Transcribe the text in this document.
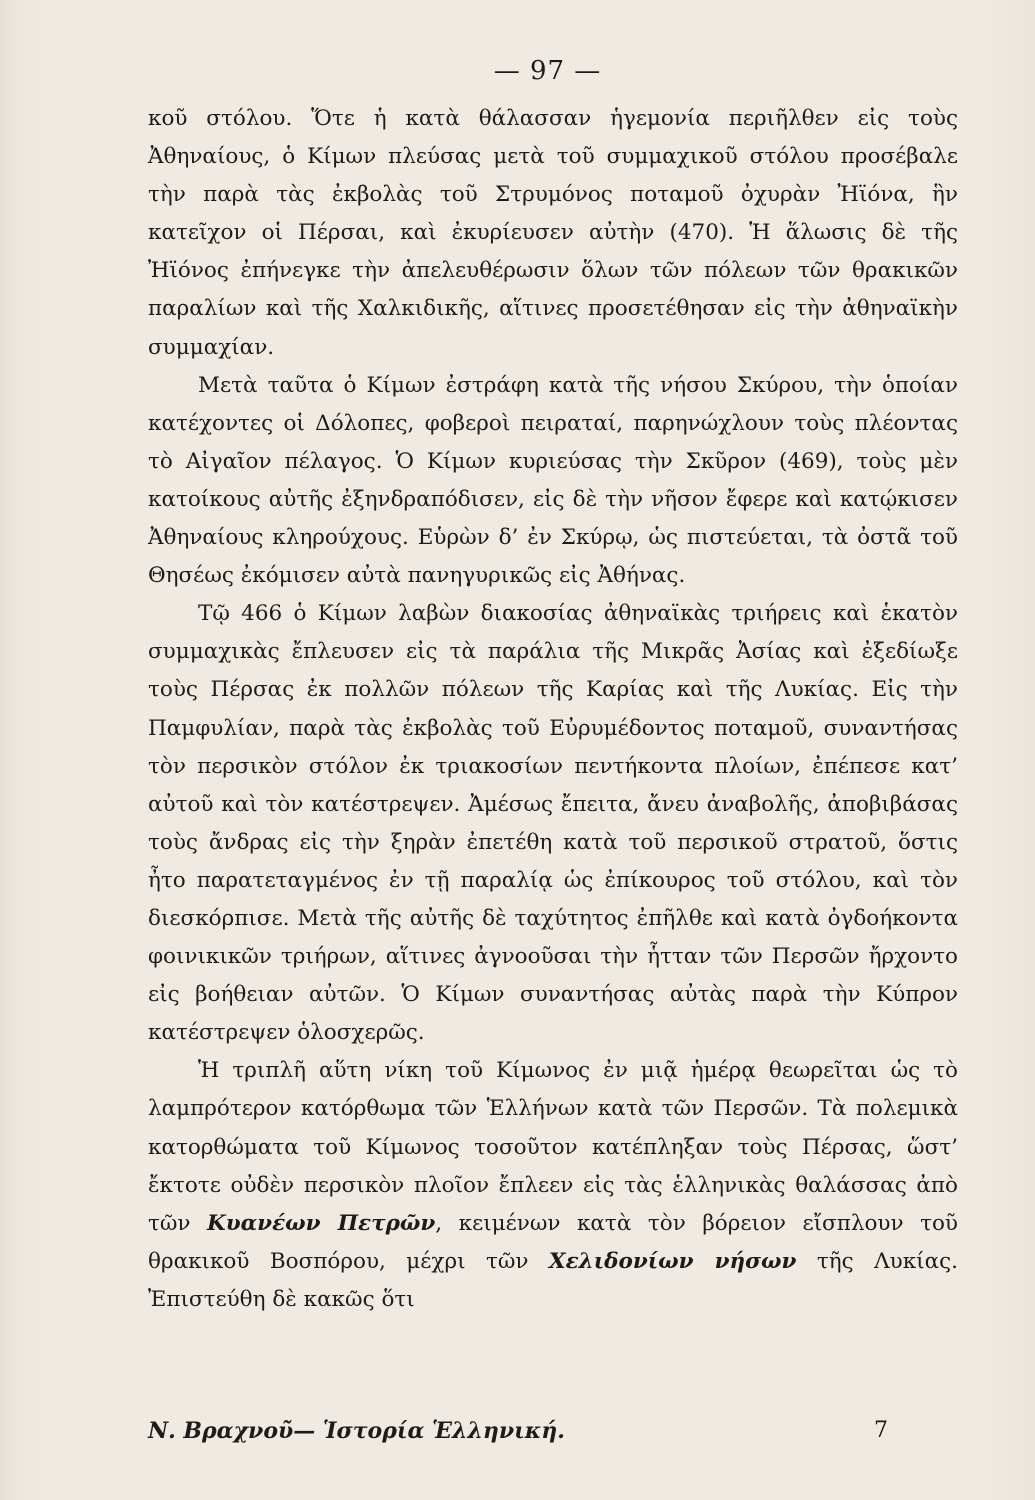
— 97 —

κοῦ στόλου. Ὅτε ἡ κατὰ θάλασσαν ἡγεμονία περιῆλθεν εἰς τοὺς Ἀθηναίους, ὁ Κίμων πλεύσας μετὰ τοῦ συμμαχικοῦ στόλου προσέβαλε τὴν παρὰ τὰς ἐκβολὰς τοῦ Στρυμόνος ποταμοῦ ὀχυρὰν Ἠϊόνα, ἣν κατεῖχον οἱ Πέρσαι, καὶ ἐκυρίευσεν αὐτὴν (470). Ἡ ἅλωσις δὲ τῆς Ἠϊόνος ἐπήνεγκε τὴν ἀπελευθέρωσιν ὅλων τῶν πόλεων τῶν θρακικῶν παραλίων καὶ τῆς Χαλκιδικῆς, αἵτινες προσετέθησαν εἰς τὴν ἀθηναϊκὴν συμμαχίαν.

Μετὰ ταῦτα ὁ Κίμων ἐστράφη κατὰ τῆς νήσου Σκύρου, τὴν ὁποίαν κατέχοντες οἱ Δόλοπες, φοβεροὶ πειραταί, παρηνώχλουν τοὺς πλέοντας τὸ Αἰγαῖον πέλαγος. Ὁ Κίμων κυριεύσας τὴν Σκῦρον (469), τοὺς μὲν κατοίκους αὐτῆς ἐξηνδραπόδισεν, εἰς δὲ τὴν νῆσον ἔφερε καὶ κατῴκισεν Ἀθηναίους κληρούχους. Εὑρὼν δ’ ἐν Σκύρῳ, ὡς πιστεύεται, τὰ ὀστᾶ τοῦ Θησέως ἐκόμισεν αὐτὰ πανηγυρικῶς εἰς Ἀθήνας.

Τῷ 466 ὁ Κίμων λαβὼν διακοσίας ἀθηναϊκὰς τριήρεις καὶ ἑκατὸν συμμαχικὰς ἔπλευσεν εἰς τὰ παράλια τῆς Μικρᾶς Ἀσίας καὶ ἐξεδίωξε τοὺς Πέρσας ἐκ πολλῶν πόλεων τῆς Καρίας καὶ τῆς Λυκίας. Εἰς τὴν Παμφυλίαν, παρὰ τὰς ἐκβολὰς τοῦ Εὐρυμέδοντος ποταμοῦ, συναντήσας τὸν περσικὸν στόλον ἐκ τριακοσίων πεντήκοντα πλοίων, ἐπέπεσε κατ’ αὐτοῦ καὶ τὸν κατέστρεψεν. Ἀμέσως ἔπειτα, ἄνευ ἀναβολῆς, ἀποβιβάσας τοὺς ἄνδρας εἰς τὴν ξηρὰν ἐπετέθη κατὰ τοῦ περσικοῦ στρατοῦ, ὅστις ἦτο παρατεταγμένος ἐν τῇ παραλίᾳ ὡς ἐπίκουρος τοῦ στόλου, καὶ τὸν διεσκόρπισε. Μετὰ τῆς αὐτῆς δὲ ταχύτητος ἐπῆλθε καὶ κατὰ ὀγδοήκοντα φοινικικῶν τριήρων, αἵτινες ἀγνοοῦσαι τὴν ἧτταν τῶν Περσῶν ἤρχοντο εἰς βοήθειαν αὐτῶν. Ὁ Κίμων συναντήσας αὐτὰς παρὰ τὴν Κύπρον κατέστρεψεν ὁλοσχερῶς.

Ἡ τριπλῆ αὕτη νίκη τοῦ Κίμωνος ἐν μιᾷ ἡμέρᾳ θεωρεῖται ὡς τὸ λαμπρότερον κατόρθωμα τῶν Ἑλλήνων κατὰ τῶν Περσῶν. Τὰ πολεμικὰ κατορθώματα τοῦ Κίμωνος τοσοῦτον κατέπληξαν τοὺς Πέρσας, ὥστ’ ἔκτοτε οὐδὲν περσικὸν πλοῖον ἔπλεεν εἰς τὰς ἑλληνικὰς θαλάσσας ἀπὸ τῶν Κυανέων Πετρῶν, κειμένων κατὰ τὸν βόρειον εἴσπλουν τοῦ θρακικοῦ Βοσπόρου, μέχρι τῶν Χελιδονίων νήσων τῆς Λυκίας. Ἐπιστεύθη δὲ κακῶς ὅτι

Ν. Βραχνοῦ— Ἱστορία Ἑλληνική.	7
